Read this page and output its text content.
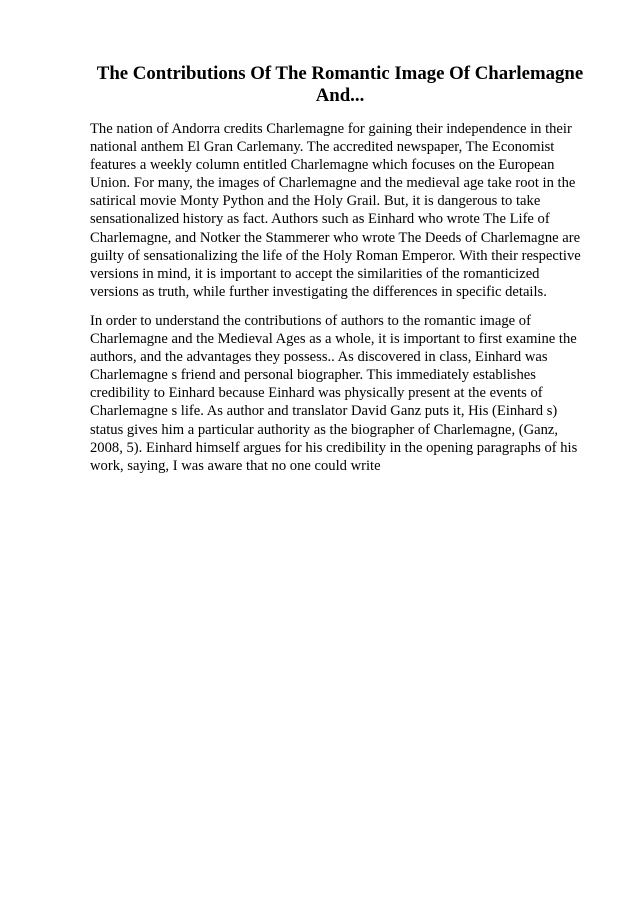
The Contributions Of The Romantic Image Of Charlemagne And...

The nation of Andorra credits Charlemagne for gaining their independence in their national anthem El Gran Carlemany. The accredited newspaper, The Economist features a weekly column entitled Charlemagne which focuses on the European Union. For many, the images of Charlemagne and the medieval age take root in the satirical movie Monty Python and the Holy Grail. But, it is dangerous to take sensationalized history as fact. Authors such as Einhard who wrote The Life of Charlemagne, and Notker the Stammerer who wrote The Deeds of Charlemagne are guilty of sensationalizing the life of the Holy Roman Emperor. With their respective versions in mind, it is important to accept the similarities of the romanticized versions as truth, while further investigating the differences in specific details.

In order to understand the contributions of authors to the romantic image of Charlemagne and the Medieval Ages as a whole, it is important to first examine the authors, and the advantages they possess.. As discovered in class, Einhard was Charlemagne s friend and personal biographer. This immediately establishes credibility to Einhard because Einhard was physically present at the events of Charlemagne s life. As author and translator David Ganz puts it, His (Einhard s) status gives him a particular authority as the biographer of Charlemagne, (Ganz, 2008, 5). Einhard himself argues for his credibility in the opening paragraphs of his work, saying, I was aware that no one could write
